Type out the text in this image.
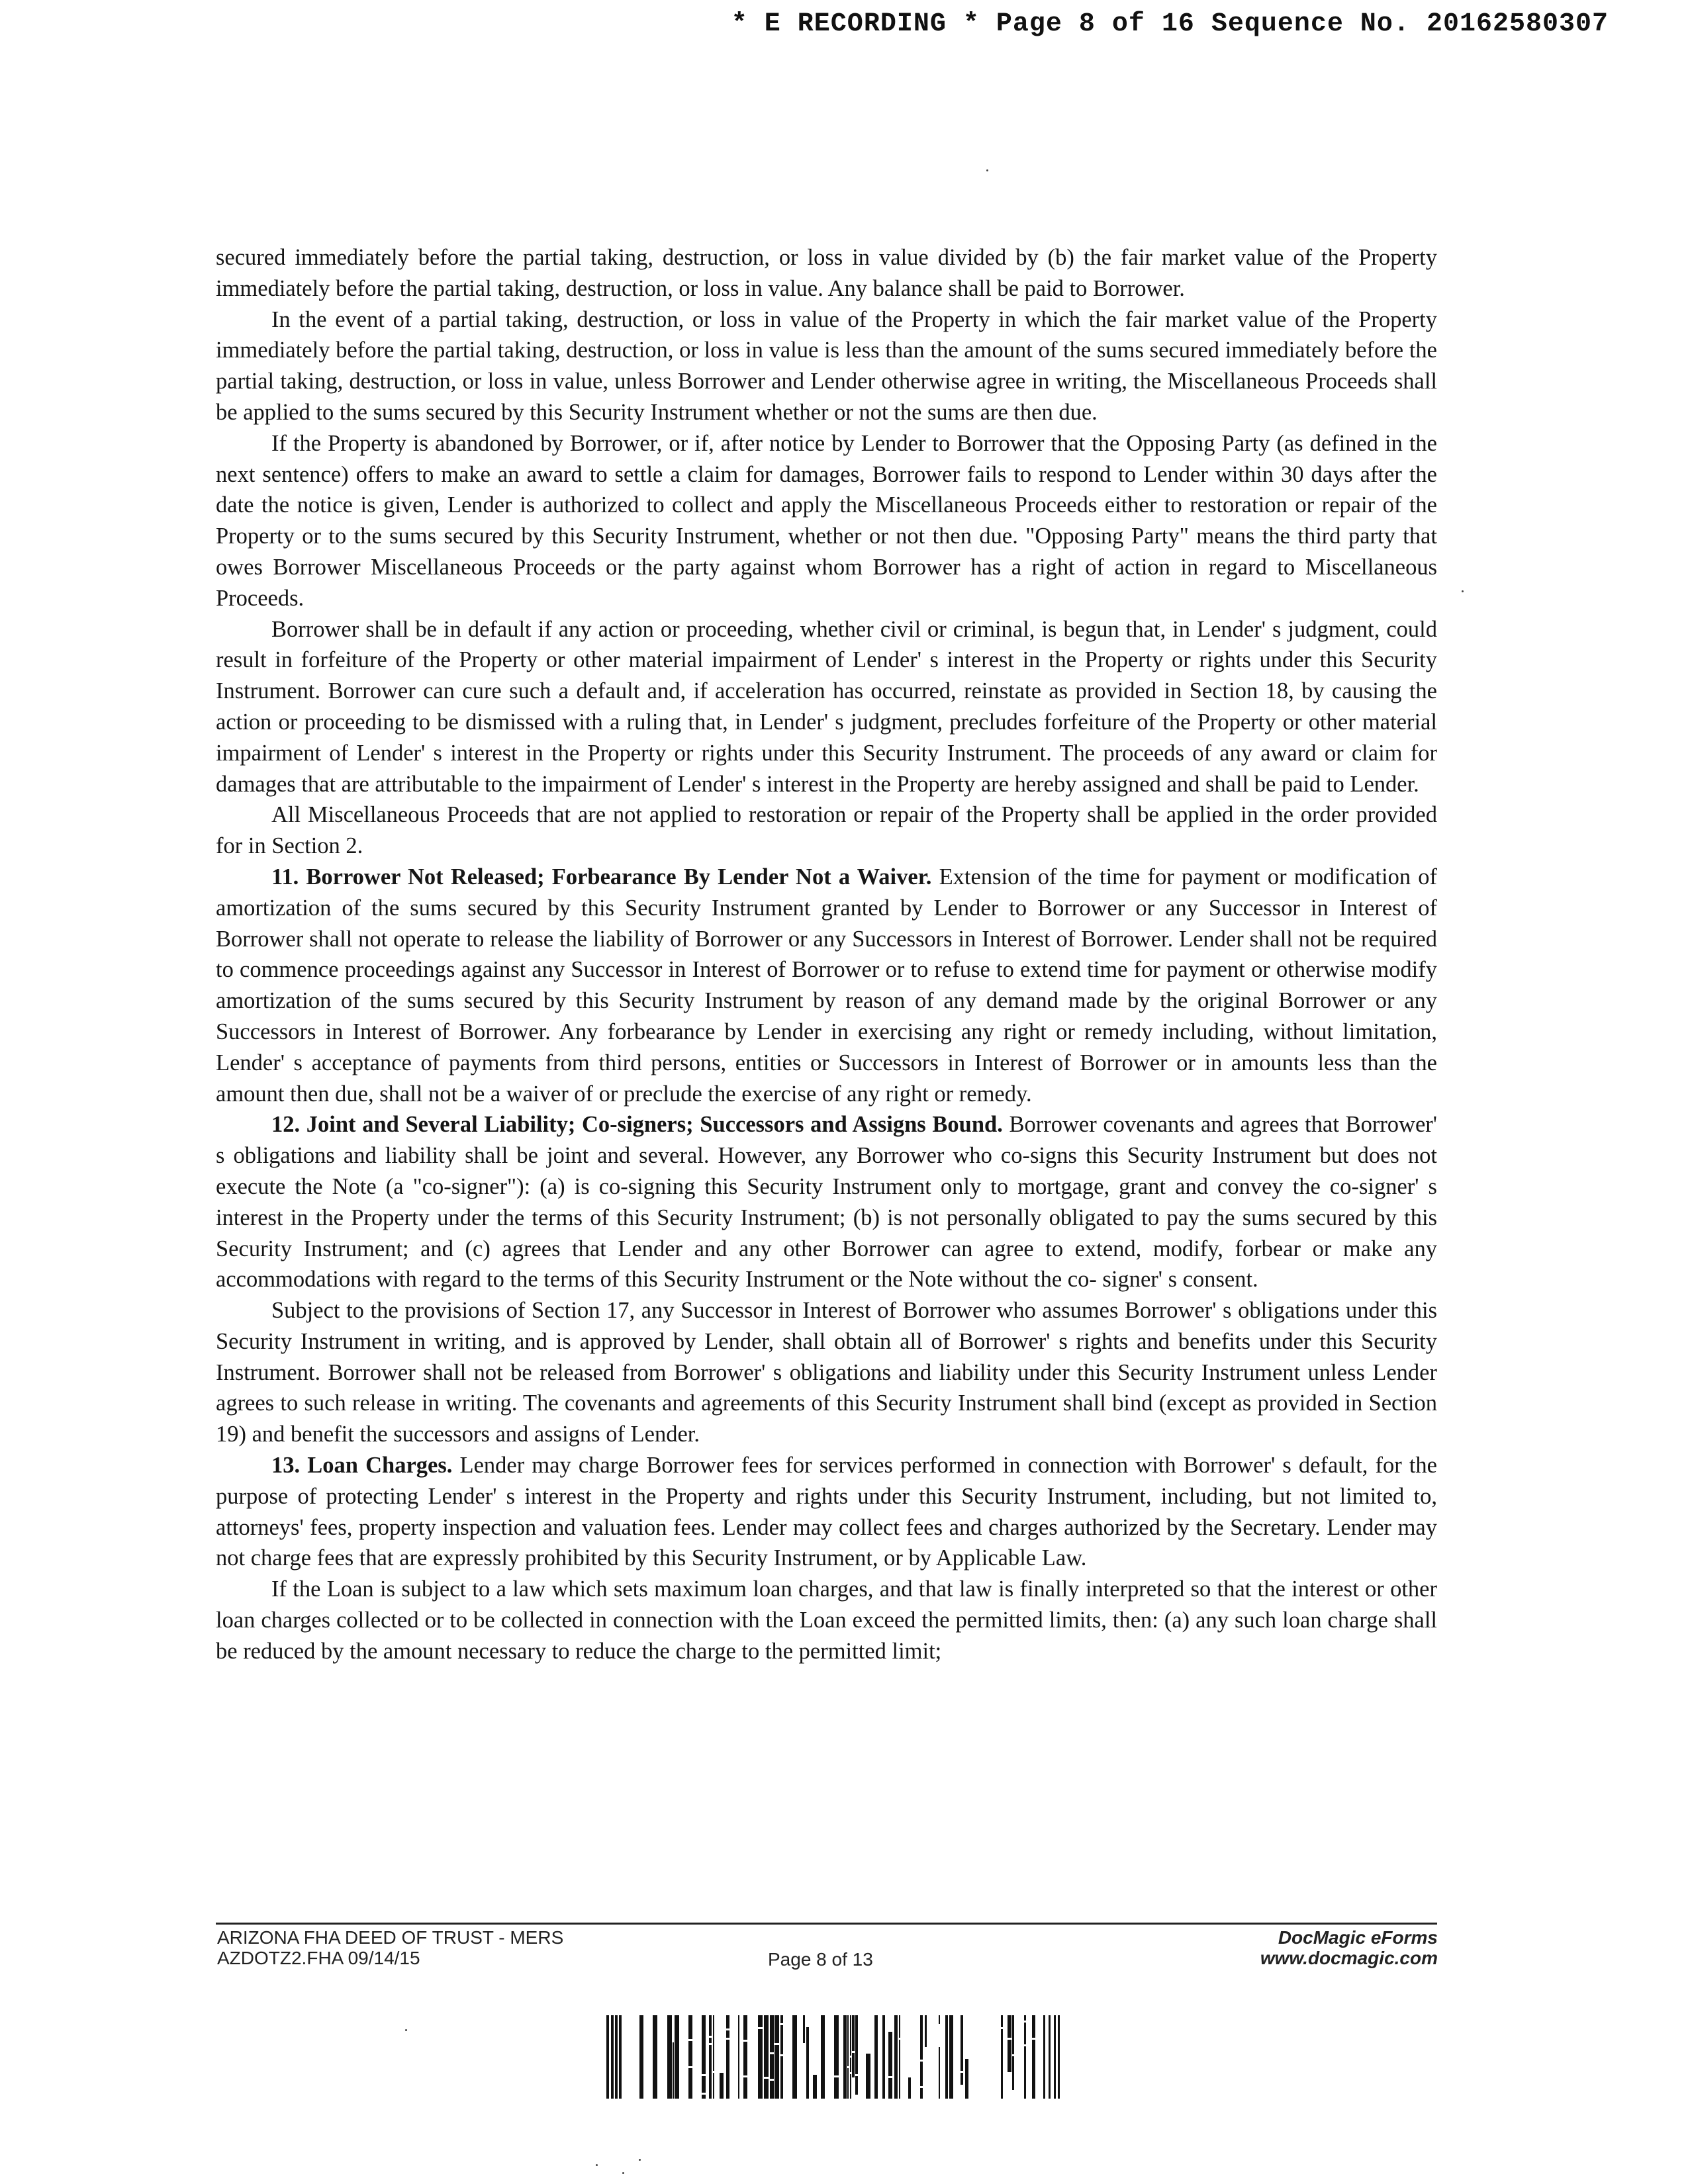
* E RECORDING * Page 8 of 16 Sequence No. 20162580307

secured immediately before the partial taking, destruction, or loss in value divided by (b) the fair market value of the Property immediately before the partial taking, destruction, or loss in value. Any balance shall be paid to Borrower.

In the event of a partial taking, destruction, or loss in value of the Property in which the fair market value of the Property immediately before the partial taking, destruction, or loss in value is less than the amount of the sums secured immediately before the partial taking, destruction, or loss in value, unless Borrower and Lender otherwise agree in writing, the Miscellaneous Proceeds shall be applied to the sums secured by this Security Instrument whether or not the sums are then due.

If the Property is abandoned by Borrower, or if, after notice by Lender to Borrower that the Opposing Party (as defined in the next sentence) offers to make an award to settle a claim for damages, Borrower fails to respond to Lender within 30 days after the date the notice is given, Lender is authorized to collect and apply the Miscellaneous Proceeds either to restoration or repair of the Property or to the sums secured by this Security Instrument, whether or not then due. "Opposing Party" means the third party that owes Borrower Miscellaneous Proceeds or the party against whom Borrower has a right of action in regard to Miscellaneous Proceeds.

Borrower shall be in default if any action or proceeding, whether civil or criminal, is begun that, in Lender' s judgment, could result in forfeiture of the Property or other material impairment of Lender' s interest in the Property or rights under this Security Instrument. Borrower can cure such a default and, if acceleration has occurred, reinstate as provided in Section 18, by causing the action or proceeding to be dismissed with a ruling that, in Lender' s judgment, precludes forfeiture of the Property or other material impairment of Lender' s interest in the Property or rights under this Security Instrument. The proceeds of any award or claim for damages that are attributable to the impairment of Lender' s interest in the Property are hereby assigned and shall be paid to Lender.

All Miscellaneous Proceeds that are not applied to restoration or repair of the Property shall be applied in the order provided for in Section 2.

11. Borrower Not Released; Forbearance By Lender Not a Waiver. Extension of the time for payment or modification of amortization of the sums secured by this Security Instrument granted by Lender to Borrower or any Successor in Interest of Borrower shall not operate to release the liability of Borrower or any Successors in Interest of Borrower. Lender shall not be required to commence proceedings against any Successor in Interest of Borrower or to refuse to extend time for payment or otherwise modify amortization of the sums secured by this Security Instrument by reason of any demand made by the original Borrower or any Successors in Interest of Borrower. Any forbearance by Lender in exercising any right or remedy including, without limitation, Lender' s acceptance of payments from third persons, entities or Successors in Interest of Borrower or in amounts less than the amount then due, shall not be a waiver of or preclude the exercise of any right or remedy.

12. Joint and Several Liability; Co-signers; Successors and Assigns Bound. Borrower covenants and agrees that Borrower' s obligations and liability shall be joint and several. However, any Borrower who co-signs this Security Instrument but does not execute the Note (a "co-signer"): (a) is co-signing this Security Instrument only to mortgage, grant and convey the co-signer' s interest in the Property under the terms of this Security Instrument; (b) is not personally obligated to pay the sums secured by this Security Instrument; and (c) agrees that Lender and any other Borrower can agree to extend, modify, forbear or make any accommodations with regard to the terms of this Security Instrument or the Note without the co- signer' s consent.

Subject to the provisions of Section 17, any Successor in Interest of Borrower who assumes Borrower' s obligations under this Security Instrument in writing, and is approved by Lender, shall obtain all of Borrower' s rights and benefits under this Security Instrument. Borrower shall not be released from Borrower' s obligations and liability under this Security Instrument unless Lender agrees to such release in writing. The covenants and agreements of this Security Instrument shall bind (except as provided in Section 19) and benefit the successors and assigns of Lender.

13. Loan Charges. Lender may charge Borrower fees for services performed in connection with Borrower' s default, for the purpose of protecting Lender' s interest in the Property and rights under this Security Instrument, including, but not limited to, attorneys' fees, property inspection and valuation fees. Lender may collect fees and charges authorized by the Secretary. Lender may not charge fees that are expressly prohibited by this Security Instrument, or by Applicable Law.

If the Loan is subject to a law which sets maximum loan charges, and that law is finally interpreted so that the interest or other loan charges collected or to be collected in connection with the Loan exceed the permitted limits, then: (a) any such loan charge shall be reduced by the amount necessary to reduce the charge to the permitted limit;

ARIZONA FHA DEED OF TRUST - MERS
AZDOTZ2.FHA 09/14/15	Page 8 of 13
DocMagic eForms
www.docmagic.com
